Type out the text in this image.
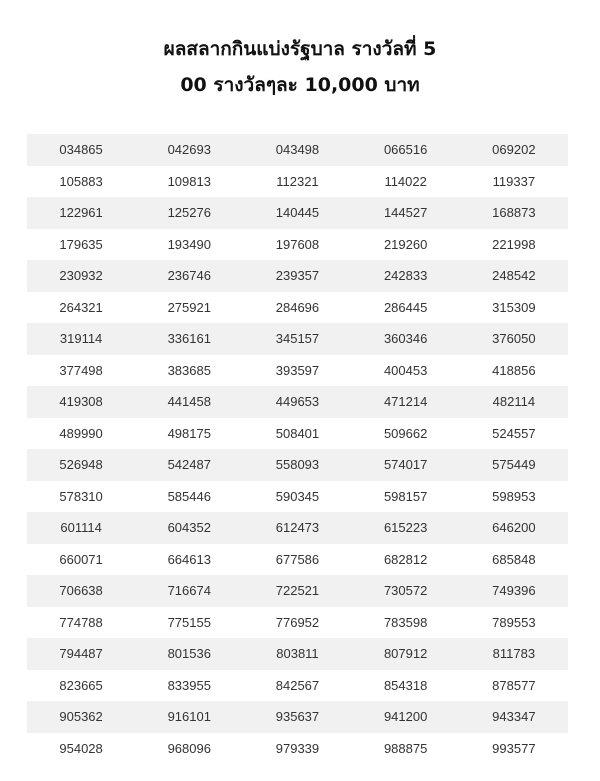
ผลสลากกินแบ่งรัฐบาล รางวัลที่ 5
00 รางวัลๆละ 10,000 บาท
034865	042693	043498	066516	069202
105883	109813	112321	114022	119337
122961	125276	140445	144527	168873
179635	193490	197608	219260	221998
230932	236746	239357	242833	248542
264321	275921	284696	286445	315309
319114	336161	345157	360346	376050
377498	383685	393597	400453	418856
419308	441458	449653	471214	482114
489990	498175	508401	509662	524557
526948	542487	558093	574017	575449
578310	585446	590345	598157	598953
601114	604352	612473	615223	646200
660071	664613	677586	682812	685848
706638	716674	722521	730572	749396
774788	775155	776952	783598	789553
794487	801536	803811	807912	811783
823665	833955	842567	854318	878577
905362	916101	935637	941200	943347
954028	968096	979339	988875	993577
